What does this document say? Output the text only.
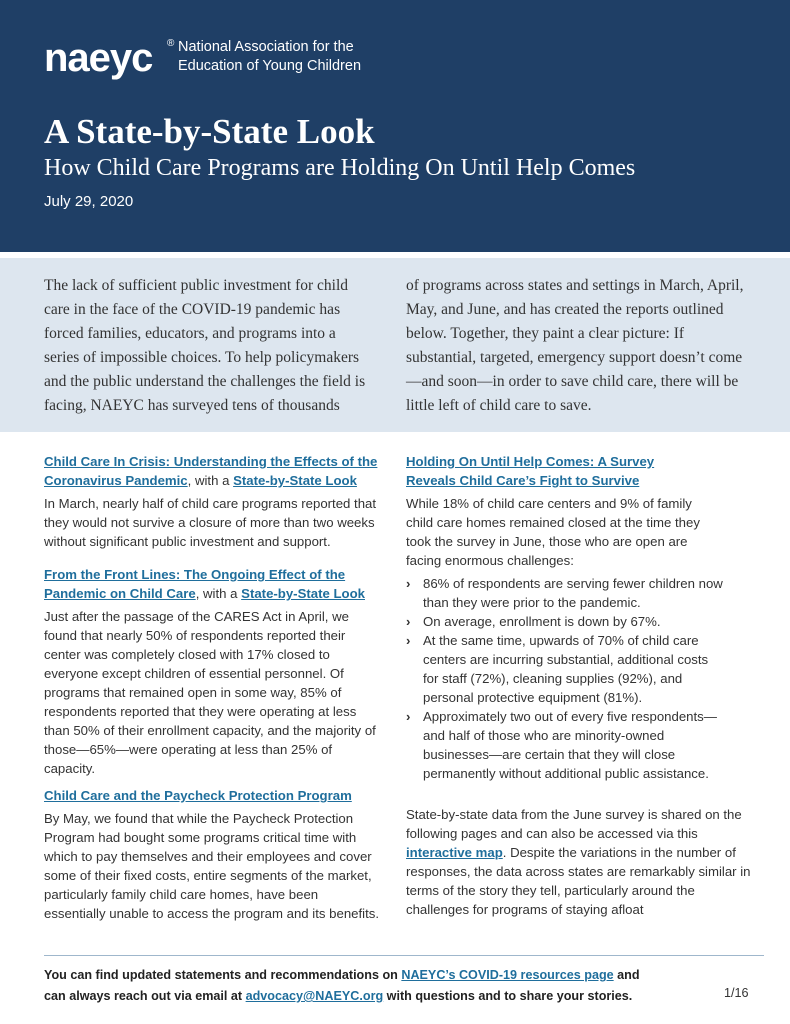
naeyc ® National Association for the
Education of Young Children
A State-by-State Look
How Child Care Programs are Holding On Until Help Comes
July 29, 2020
The lack of sufficient public investment for child care in the face of the COVID-19 pandemic has forced families, educators, and programs into a series of impossible choices. To help policymakers and the public understand the challenges the field is facing, NAEYC has surveyed tens of thousands
of programs across states and settings in March, April, May, and June, and has created the reports outlined below. Together, they paint a clear picture: If substantial, targeted, emergency support doesn’t come—and soon—in order to save child care, there will be little left of child care to save.

Child Care In Crisis: Understanding the Effects of the Coronavirus Pandemic, with a State-by-State Look

In March, nearly half of child care programs reported that they would not survive a closure of more than two weeks without significant public investment and support.

From the Front Lines: The Ongoing Effect of the Pandemic on Child Care, with a State-by-State Look

Just after the passage of the CARES Act in April, we found that nearly 50% of respondents reported their center was completely closed with 17% closed to everyone except children of essential personnel. Of programs that remained open in some way, 85% of respondents reported that they were operating at less than 50% of their enrollment capacity, and the majority of those—65%—were operating at less than 25% of capacity.

Child Care and the Paycheck Protection Program

By May, we found that while the Paycheck Protection Program had bought some programs critical time with which to pay themselves and their employees and cover some of their fixed costs, entire segments of the market, particularly family child care homes, have been essentially unable to access the program and its benefits.

Holding On Until Help Comes: A Survey Reveals Child Care’s Fight to Survive

While 18% of child care centers and 9% of family child care homes remained closed at the time they took the survey in June, those who are open are facing enormous challenges:

› 86% of respondents are serving fewer children now than they were prior to the pandemic.
› On average, enrollment is down by 67%.
› At the same time, upwards of 70% of child care centers are incurring substantial, additional costs for staff (72%), cleaning supplies (92%), and personal protective equipment (81%).
› Approximately two out of every five respondents—and half of those who are minority-owned businesses—are certain that they will close permanently without additional public assistance.

State-by-state data from the June survey is shared on the following pages and can also be accessed via this interactive map. Despite the variations in the number of responses, the data across states are remarkably similar in terms of the story they tell, particularly around the challenges for programs of staying afloat

You can find updated statements and recommendations on NAEYC’s COVID-19 resources page and
can always reach out via email at advocacy@NAEYC.org with questions and to share your stories.	1/16
